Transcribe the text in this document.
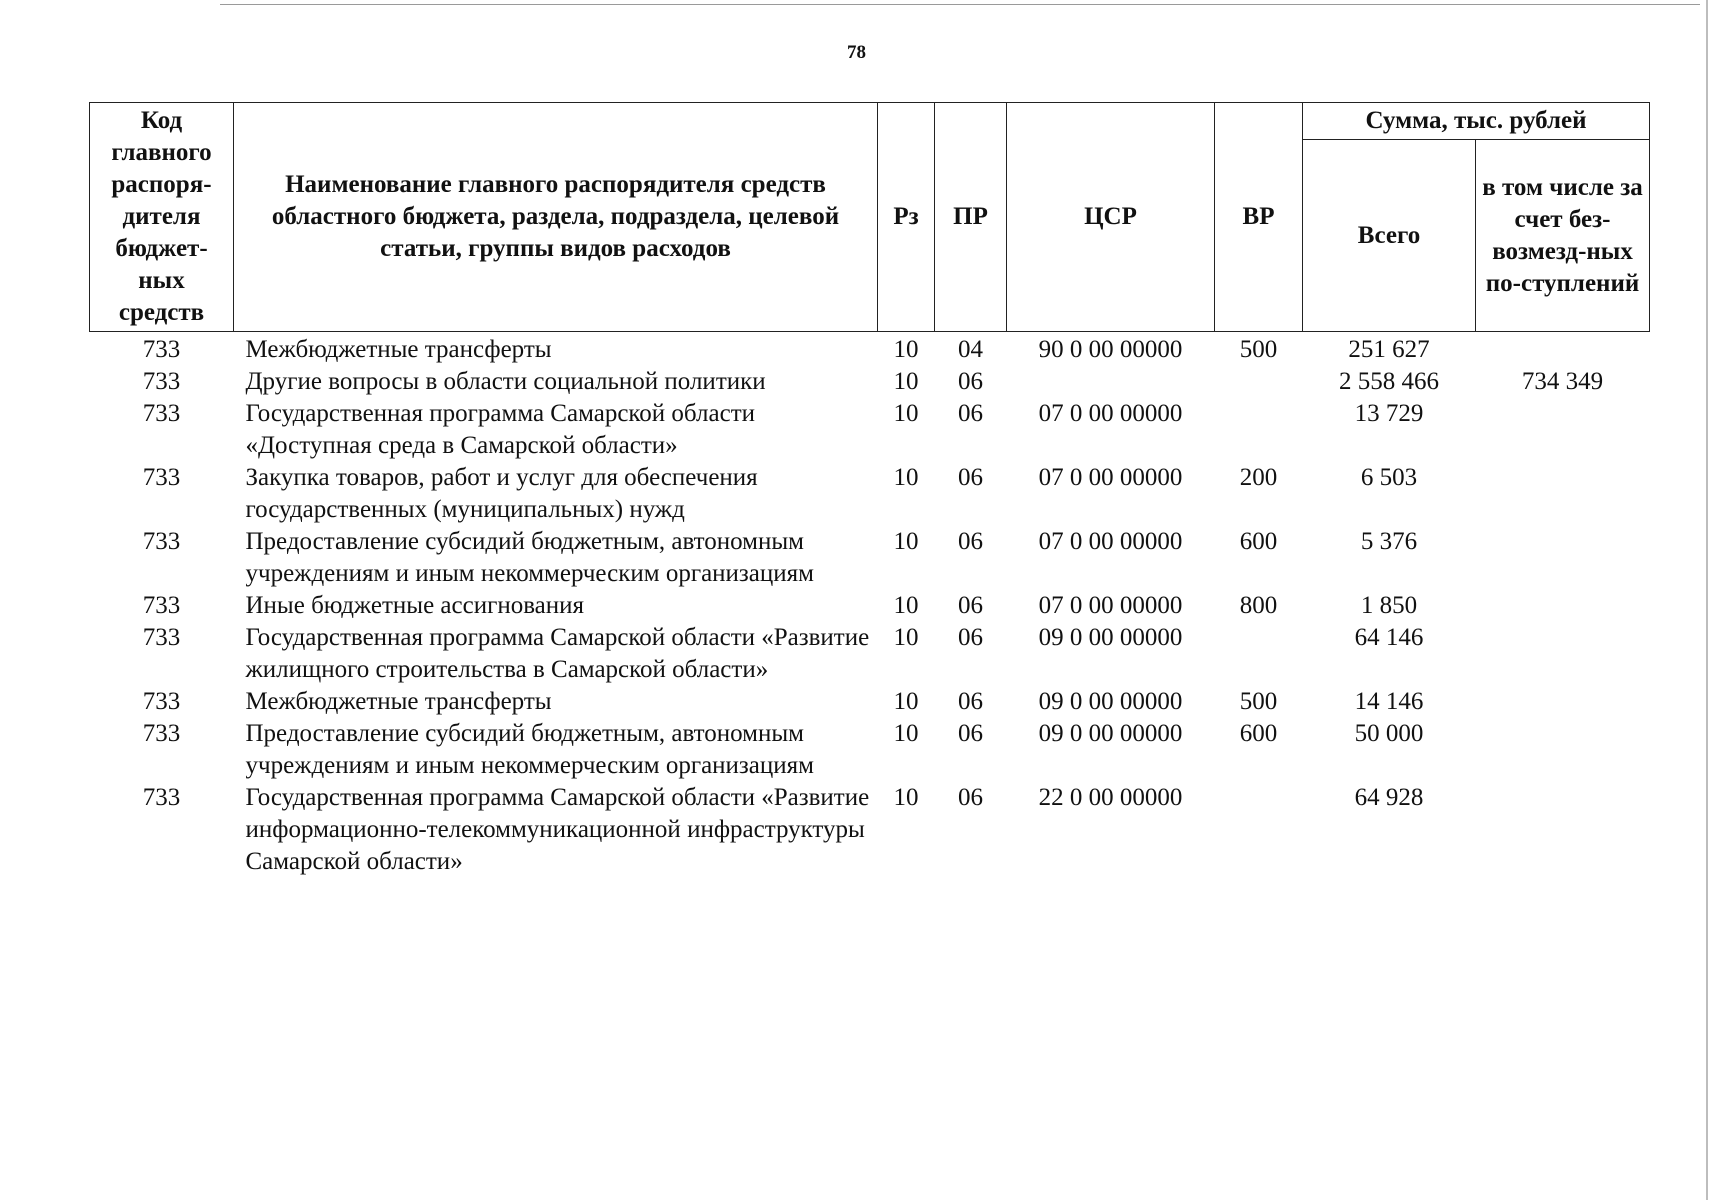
78
Код главного распоря-дителя бюджет-ных средств	Наименование главного распорядителя средств областного бюджета, раздела, подраздела, целевой статьи, группы видов расходов	Рз	ПР	ЦСР	ВР	Сумма, тыс. рублей	
						Всего	в том числе за счет без-возмезд-ных по-ступлений
733	Межбюджетные трансферты	10	04	90 0 00 00000	500	251 627	
733	Другие вопросы в области социальной политики	10	06			2 558 466	734 349
733	Государственная программа Самарской области «Доступная среда в Самарской области»	10	06	07 0 00 00000		13 729	
733	Закупка товаров, работ и услуг для обеспечения государственных (муниципальных) нужд	10	06	07 0 00 00000	200	6 503	
733	Предоставление субсидий бюджетным, автономным учреждениям и иным некоммерческим организациям	10	06	07 0 00 00000	600	5 376	
733	Иные бюджетные ассигнования	10	06	07 0 00 00000	800	1 850	
733	Государственная программа Самарской области «Развитие жилищного строительства в Самарской области»	10	06	09 0 00 00000		64 146	
733	Межбюджетные трансферты	10	06	09 0 00 00000	500	14 146	
733	Предоставление субсидий бюджетным, автономным учреждениям и иным некоммерческим организациям	10	06	09 0 00 00000	600	50 000	
733	Государственная программа Самарской области «Развитие информационно-телекоммуникационной инфраструктуры Самарской области»	10	06	22 0 00 00000		64 928	
